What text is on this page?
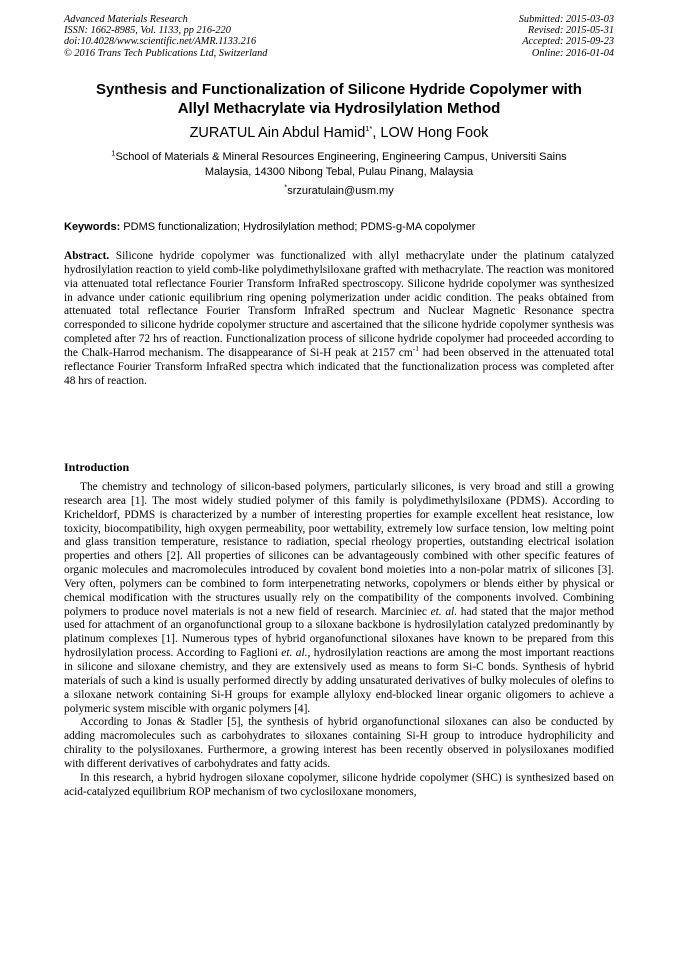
Advanced Materials Research
ISSN: 1662-8985, Vol. 1133, pp 216-220
doi:10.4028/www.scientific.net/AMR.1133.216
© 2016 Trans Tech Publications Ltd, Switzerland
Submitted: 2015-03-03
Revised: 2015-05-31
Accepted: 2015-09-23
Online: 2016-01-04
Synthesis and Functionalization of Silicone Hydride Copolymer with
Allyl Methacrylate via Hydrosilylation Method
ZURATUL Ain Abdul Hamid$^{1*}$, LOW Hong Fook
$^1$School of Materials & Mineral Resources Engineering, Engineering Campus, Universiti Sains
Malaysia, 14300 Nibong Tebal, Pulau Pinang, Malaysia
*srzuratulain@usm.my
Keywords: PDMS functionalization; Hydrosilylation method; PDMS-g-MA copolymer
Abstract. Silicone hydride copolymer was functionalized with allyl methacrylate under the platinum catalyzed hydrosilylation reaction to yield comb-like polydimethylsiloxane grafted with methacrylate. The reaction was monitored via attenuated total reflectance Fourier Transform InfraRed spectroscopy. Silicone hydride copolymer was synthesized in advance under cationic equilibrium ring opening polymerization under acidic condition. The peaks obtained from attenuated total reflectance Fourier Transform InfraRed spectrum and Nuclear Magnetic Resonance spectra corresponded to silicone hydride copolymer structure and ascertained that the silicone hydride copolymer synthesis was completed after 72 hrs of reaction. Functionalization process of silicone hydride copolymer had proceeded according to the Chalk-Harrod mechanism. The disappearance of Si-H peak at 2157 $cm^{-1}$ had been observed in the attenuated total reflectance Fourier Transform InfraRed spectra which indicated that the functionalization process was completed after 48 hrs of reaction.
Introduction

The chemistry and technology of silicon-based polymers, particularly silicones, is very broad and still a growing research area [1]. The most widely studied polymer of this family is polydimethylsiloxane (PDMS). According to Kricheldorf, PDMS is characterized by a number of interesting properties for example excellent heat resistance, low toxicity, biocompatibility, high oxygen permeability, poor wettability, extremely low surface tension, low melting point and glass transition temperature, resistance to radiation, special rheology properties, outstanding electrical isolation properties and others [2]. All properties of silicones can be advantageously combined with other specific features of organic molecules and macromolecules introduced by covalent bond moieties into a non-polar matrix of silicones [3]. Very often, polymers can be combined to form interpenetrating networks, copolymers or blends either by physical or chemical modification with the structures usually rely on the compatibility of the components involved. Combining polymers to produce novel materials is not a new field of research. Marciniec et. al. had stated that the major method used for attachment of an organofunctional group to a siloxane backbone is hydrosilylation catalyzed predominantly by platinum complexes [1]. Numerous types of hybrid organofunctional siloxanes have known to be prepared from this hydrosilylation process. According to Faglioni et. al., hydrosilylation reactions are among the most important reactions in silicone and siloxane chemistry, and they are extensively used as means to form Si-C bonds. Synthesis of hybrid materials of such a kind is usually performed directly by adding unsaturated derivatives of bulky molecules of olefins to a siloxane network containing Si-H groups for example allyloxy end-blocked linear organic oligomers to achieve a polymeric system miscible with organic polymers [4].

According to Jonas & Stadler [5], the synthesis of hybrid organofunctional siloxanes can also be conducted by adding macromolecules such as carbohydrates to siloxanes containing Si-H group to introduce hydrophilicity and chirality to the polysiloxanes. Furthermore, a growing interest has been recently observed in polysiloxanes modified with different derivatives of carbohydrates and fatty acids.

In this research, a hybrid hydrogen siloxane copolymer, silicone hydride copolymer (SHC) is synthesized based on acid-catalyzed equilibrium ROP mechanism of two cyclosiloxane monomers,
